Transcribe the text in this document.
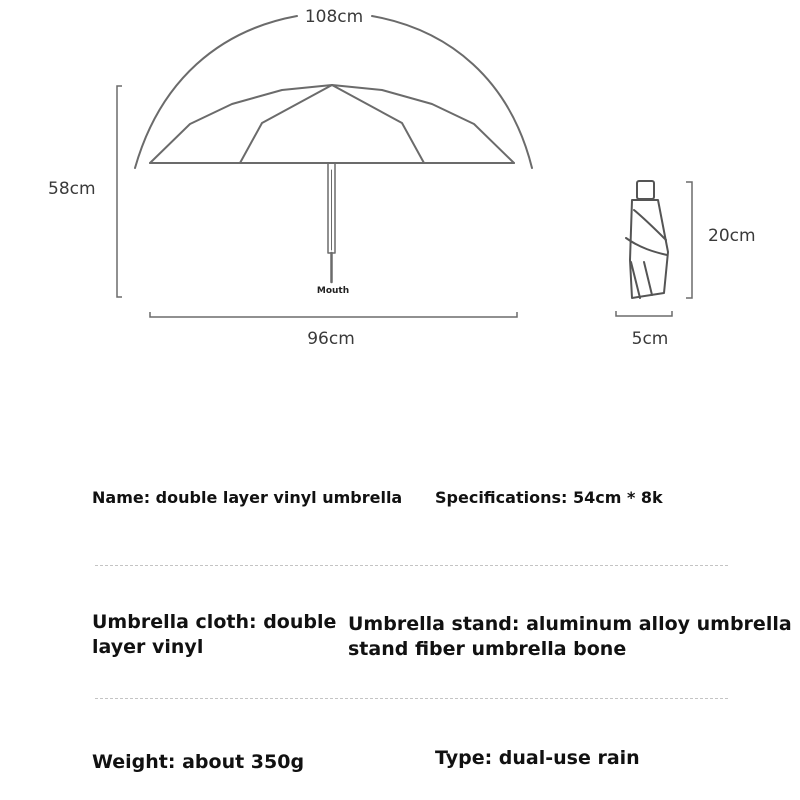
108cm
58cm
96cm
Mouth
20cm
5cm

Name: double layer vinyl umbrella Specifications: 54cm * 8k

Umbrella cloth: double
layer vinyl
Umbrella stand: aluminum alloy umbrella
stand fiber umbrella bone

Weight: about 350g	Type: dual-use rain
